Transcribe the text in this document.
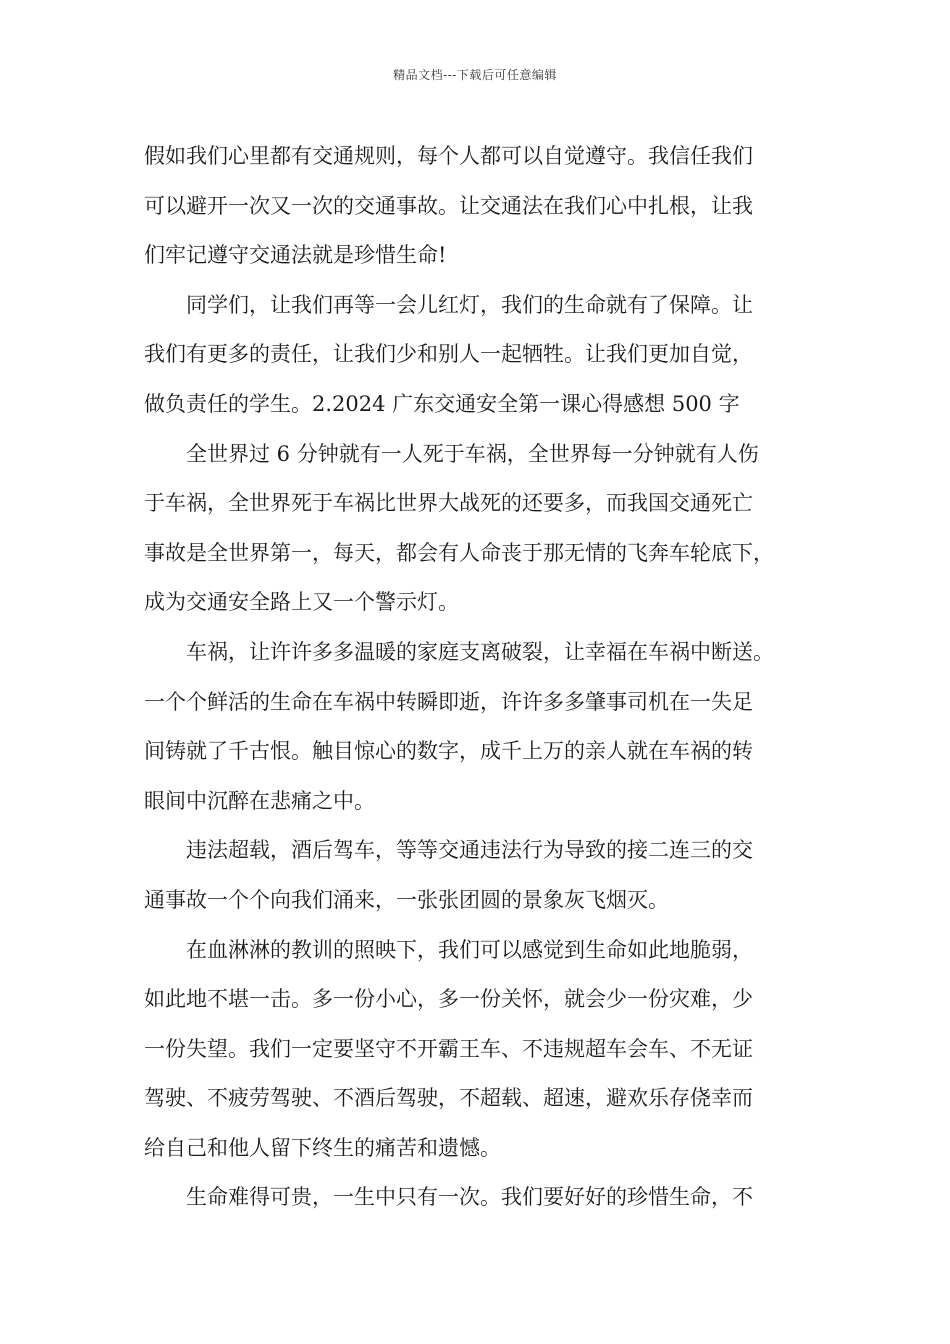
精品文档---下载后可任意编辑

假如我们心里都有交通规则，每个人都可以自觉遵守。我信任我们
可以避开一次又一次的交通事故。让交通法在我们心中扎根，让我
们牢记遵守交通法就是珍惜生命!

　　同学们，让我们再等一会儿红灯，我们的生命就有了保障。让
我们有更多的责任，让我们少和别人一起牺牲。让我们更加自觉，
做负责任的学生。2.2024 广东交通安全第一课心得感想 500 字

　　全世界过 6 分钟就有一人死于车祸，全世界每一分钟就有人伤
于车祸，全世界死于车祸比世界大战死的还要多，而我国交通死亡
事故是全世界第一，每天，都会有人命丧于那无情的飞奔车轮底下，
成为交通安全路上又一个警示灯。

　　车祸，让许许多多温暖的家庭支离破裂，让幸福在车祸中断送。
一个个鲜活的生命在车祸中转瞬即逝，许许多多肇事司机在一失足
间铸就了千古恨。触目惊心的数字，成千上万的亲人就在车祸的转
眼间中沉醉在悲痛之中。

　　违法超载，酒后驾车，等等交通违法行为导致的接二连三的交
通事故一个个向我们涌来，一张张团圆的景象灰飞烟灭。

　　在血淋淋的教训的照映下，我们可以感觉到生命如此地脆弱，
如此地不堪一击。多一份小心，多一份关怀，就会少一份灾难，少
一份失望。我们一定要坚守不开霸王车、不违规超车会车、不无证
驾驶、不疲劳驾驶、不酒后驾驶，不超载、超速，避欢乐存侥幸而
给自己和他人留下终生的痛苦和遗憾。

　　生命难得可贵，一生中只有一次。我们要好好的珍惜生命，不
